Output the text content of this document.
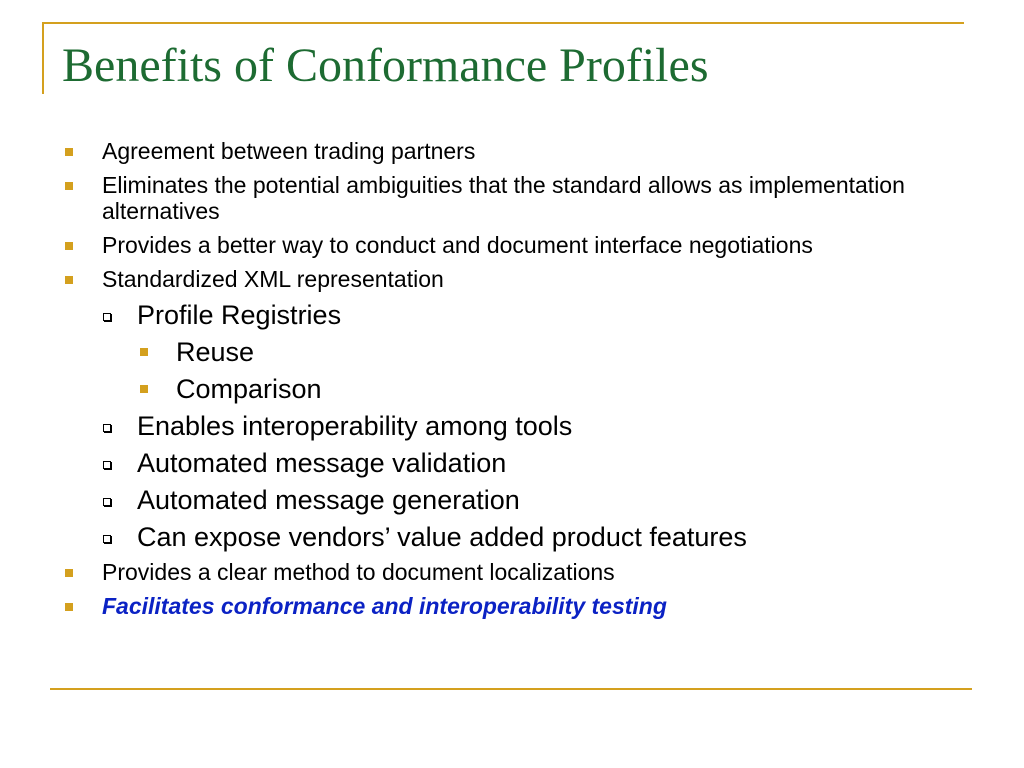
Benefits of Conformance Profiles
Agreement between trading partners
Eliminates the potential ambiguities that the standard allows as implementation alternatives
Provides a better way to conduct and document interface negotiations
Standardized XML representation
Profile Registries
Reuse
Comparison
Enables interoperability among tools
Automated message validation
Automated message generation
Can expose vendors’ value added product features
Provides a clear method to document localizations
Facilitates conformance and interoperability testing
